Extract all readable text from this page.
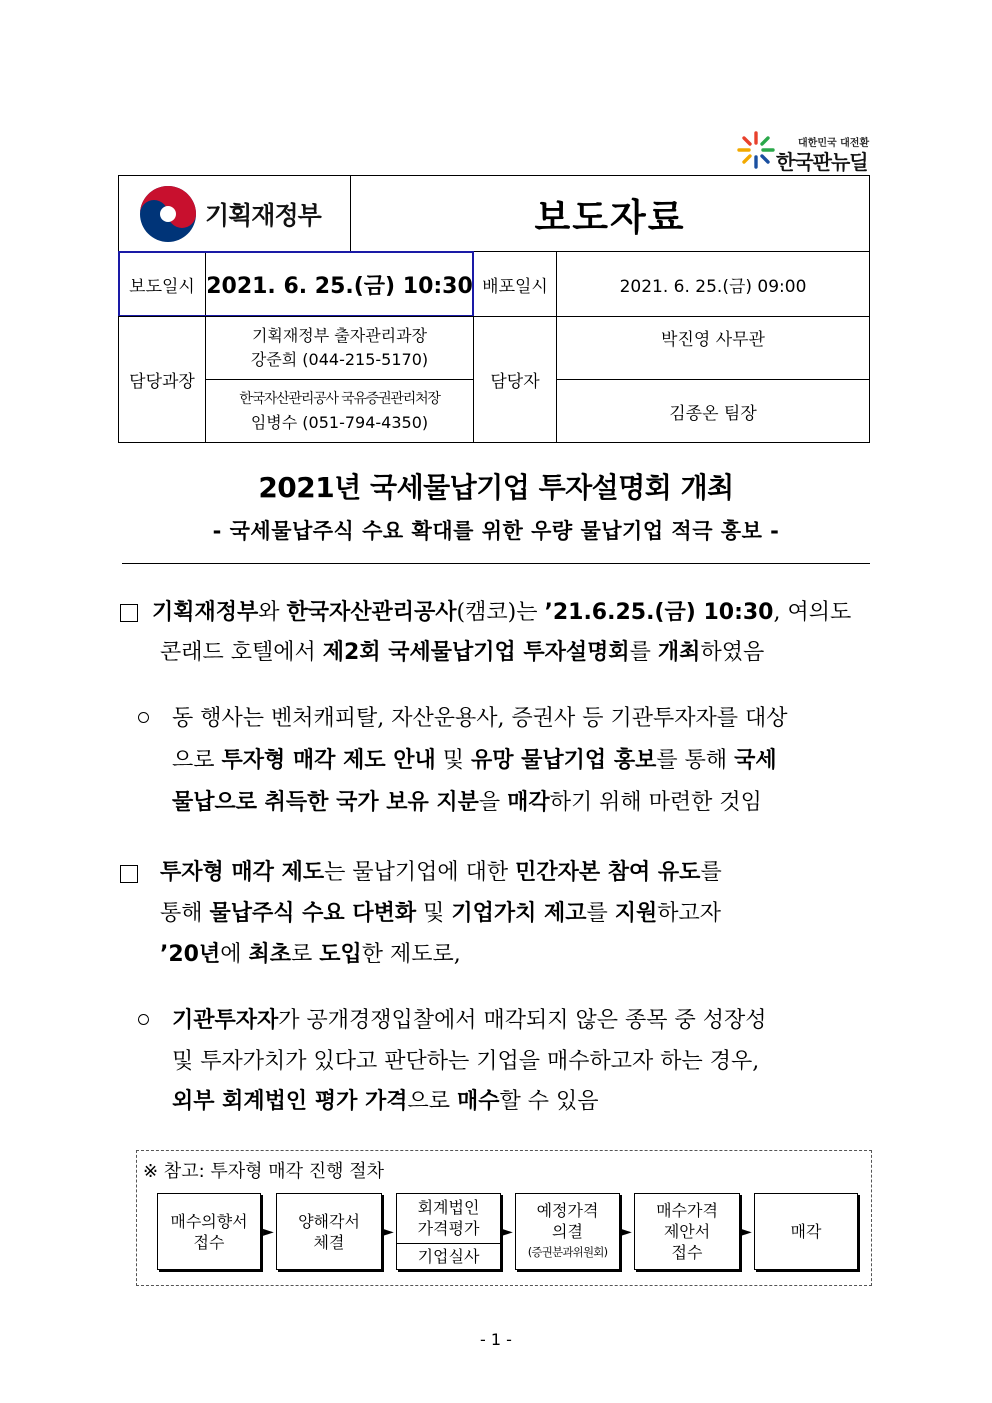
대한민국 대전환
한국판뉴딜
기획재정부	보도자료
보도일시 2021. 6. 25.(금) 10:30 배포일시	2021. 6. 25.(금) 09:00
담당과장
기획재정부 출자관리과장
강준희 (044-215-5170)
한국자산관리공사 국유증권관리처장
임병수 (051-794-4350)
담당자
박진영 사무관
김종온 팀장
2021년 국세물납기업 투자설명회 개최
- 국세물납주식 수요 확대를 위한 우량 물납기업 적극 홍보 -
기획재정부와 한국자산관리공사(캠코)는 ’21.6.25.(금) 10:30, 여의도
콘래드 호텔에서 제2회 국세물납기업 투자설명회를 개최하였음
동 행사는 벤처캐피탈, 자산운용사, 증권사 등 기관투자자를 대상
으로 투자형 매각 제도 안내 및 유망 물납기업 홍보를 통해 국세
물납으로 취득한 국가 보유 지분을 매각하기 위해 마련한 것임
투자형 매각 제도는 물납기업에 대한 민간자본 참여 유도를
통해 물납주식 수요 다변화 및 기업가치 제고를 지원하고자
’20년에 최초로 도입한 제도로,
기관투자자가 공개경쟁입찰에서 매각되지 않은 종목 중 성장성
및 투자가치가 있다고 판단하는 기업을 매수하고자 하는 경우,
외부 회계법인 평가 가격으로 매수할 수 있음
※ 참고: 투자형 매각 진행 절차
매수의향서
접수
►
양해각서
체결
►
회계법인
가격평가
기업실사
►
예정가격
의결
(증권분과위원회)
►
매수가격
제안서
접수
► 매각
- 1 -
